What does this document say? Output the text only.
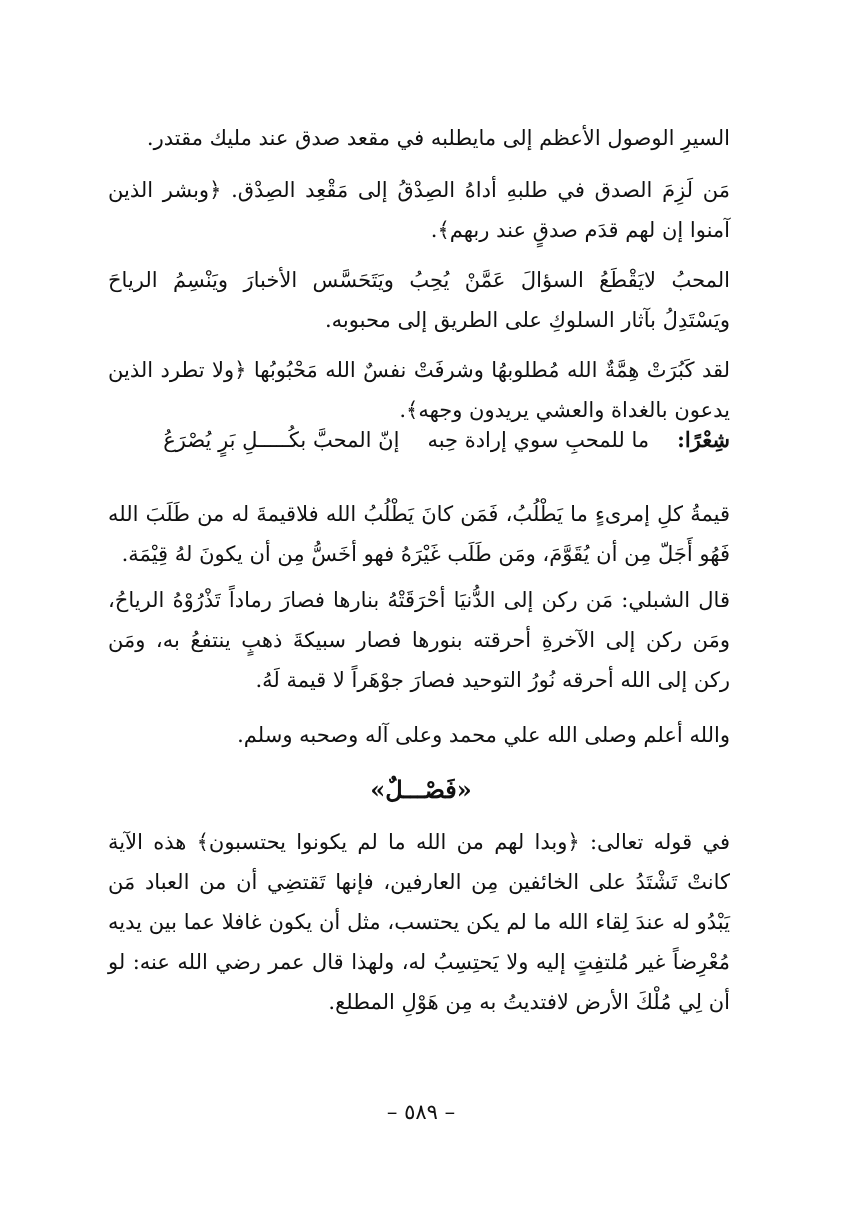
السيرِ الوصول الأعظم إلى مايطلبه في مقعد صدق عند مليك مقتدر.

مَن لَزِمَ الصدق في طلبهِ أداهُ الصِدْقُ إلى مَقْعِد الصِدْق. ﴿وبشر الذين آمنوا إن لهم قدَم صدقٍ عند ربهم﴾.

المحبُ لايَقْطَعُ السؤالَ عَمَّنْ يُحِبُ ويَتَحَسَّس الأخبارَ ويَنْسِمُ الرياحَ ويَسْتَدِلُ بآثار السلوكِ على الطريق إلى محبوبه.

لقد كَبُرَتْ هِمَّةٌ الله مُطلوبهُا وشرفَتْ نفسٌ الله مَحْبُوبُها ﴿ولا تطرد الذين يدعون بالغداة والعشي يريدون وجهه﴾.

شِعْرًا:
ما للمحبِ سوي إرادة حِبه
إنّ المحبَّ بكُـــــلِ بَرٍ يُصْرَعُ

قيمةُ كلِ إمرىءٍ ما يَطْلُبُ، فَمَن كانَ يَطْلُبُ الله فلاقيمةَ له من طَلَبَ الله فَهُو أَجَلّ مِن أن يُقَوَّمَ، ومَن طَلَب غَيْرَهُ فهو أخَسُّ مِن أن يكونَ لهُ قِيْمَة.

قال الشبلي: مَن ركن إلى الدُّنيَا أحْرَقَتْهُ بنارها فصارَ رماداً تَذْرُوْهُ الرياحُ، ومَن ركن إلى الآخرةِ أحرقته بنورها فصار سبيكةَ ذهبٍ ينتفعُ به، ومَن ركن إلى الله أحرقه نُورُ التوحيد فصارَ جوْهَراً لا قيمة لَهُ.

والله أعلم وصلى الله علي محمد وعلى آله وصحبه وسلم.

«فَصْـــلٌ»

في قوله تعالى: ﴿وبدا لهم من الله ما لم يكونوا يحتسبون﴾ هذه الآية كانتْ تَشْتَدُ على الخائفين مِن العارفين، فإنها تَقتضِي أن من العباد مَن يَبْدُو له عندَ لِقاء الله ما لم يكن يحتسب، مثل أن يكون غافلا عما بين يديه مُعْرِضاً غير مُلتفِتٍ إليه ولا يَحتِسِبُ له، ولهذا قال عمر رضي الله عنه: لو أن لِي مُلْكَ الأرض لافتديتُ به مِن هَوْلِ المطلع.

– ٥٨٩ –
